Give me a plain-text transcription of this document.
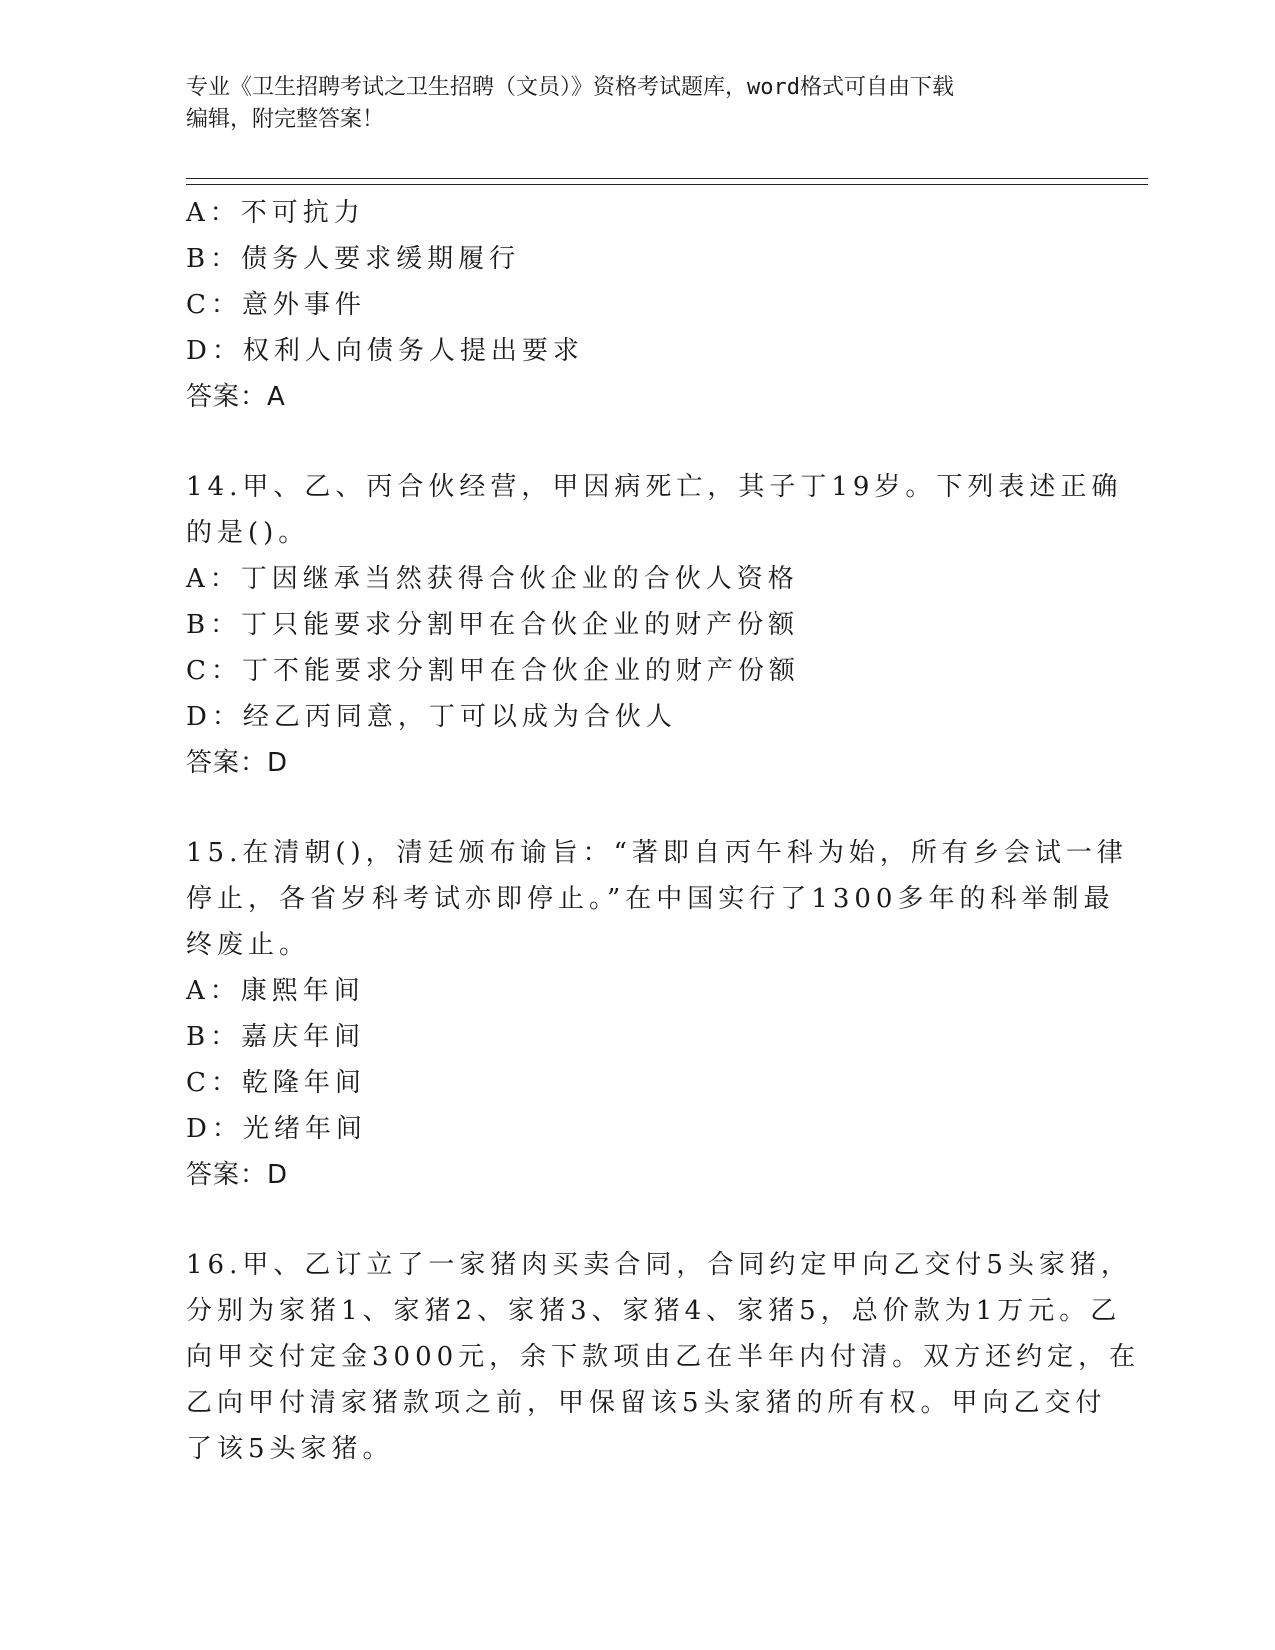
专业《卫生招聘考试之卫生招聘（文员）》资格考试题库，word格式可自由下载
编辑，附完整答案！
A：不可抗力
B：债务人要求缓期履行
C：意外事件
D：权利人向债务人提出要求
答案：A
14.甲、乙、丙合伙经营，甲因病死亡，其子丁19岁。下列表述正确
的是()。
A：丁因继承当然获得合伙企业的合伙人资格
B：丁只能要求分割甲在合伙企业的财产份额
C：丁不能要求分割甲在合伙企业的财产份额
D：经乙丙同意，丁可以成为合伙人
答案：D
15.在清朝()，清廷颁布谕旨：“著即自丙午科为始，所有乡会试一律
停止，各省岁科考试亦即停止。”在中国实行了1300多年的科举制最
终废止。
A：康熙年间
B：嘉庆年间
C：乾隆年间
D：光绪年间
答案：D
16.甲、乙订立了一家猪肉买卖合同，合同约定甲向乙交付5头家猪，
分别为家猪1、家猪2、家猪3、家猪4、家猪5，总价款为1万元。乙
向甲交付定金3000元，余下款项由乙在半年内付清。双方还约定，在
乙向甲付清家猪款项之前，甲保留该5头家猪的所有权。甲向乙交付
了该5头家猪。
